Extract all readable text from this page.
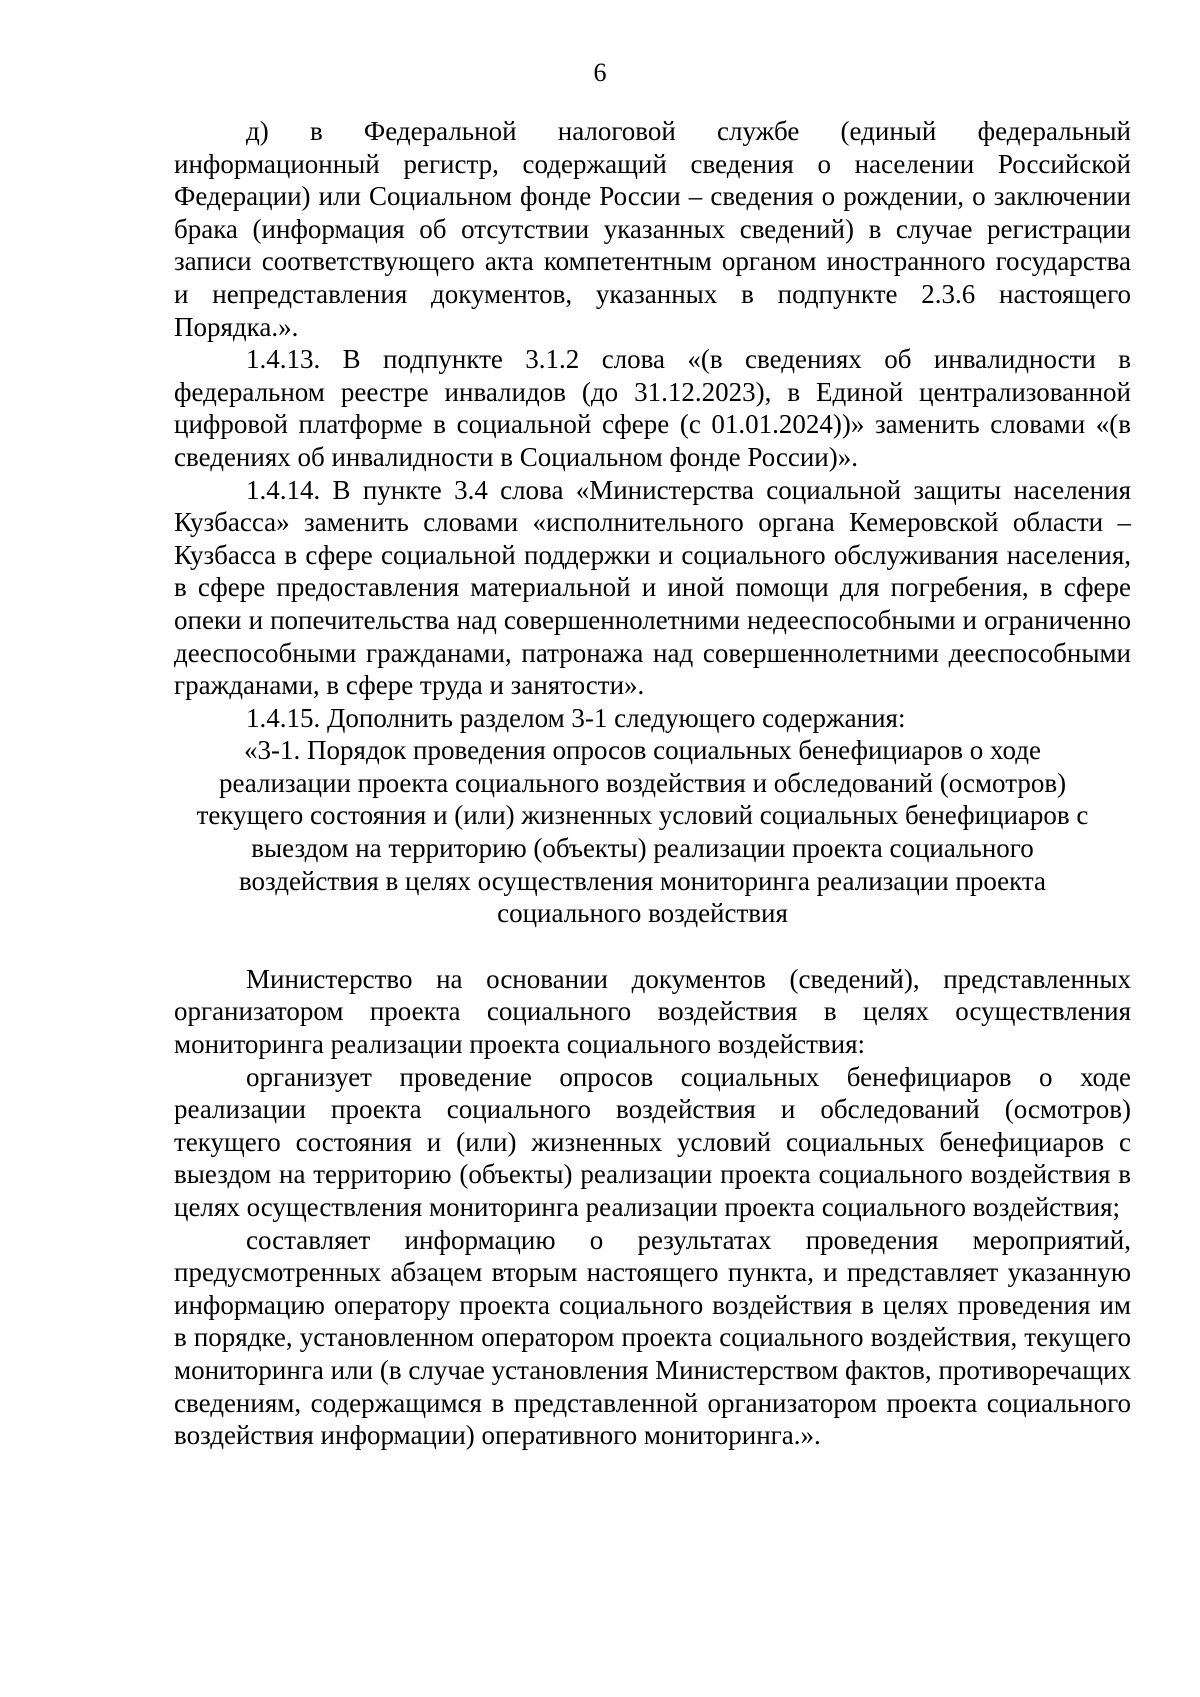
6

д) в Федеральной налоговой службе (единый федеральный информационный регистр, содержащий сведения о населении Российской Федерации) или Социальном фонде России – сведения о рождении, о заключении брака (информация об отсутствии указанных сведений) в случае регистрации записи соответствующего акта компетентным органом иностранного государства и непредставления документов, указанных в подпункте 2.3.6 настоящего Порядка.».

1.4.13. В подпункте 3.1.2 слова «(в сведениях об инвалидности в федеральном реестре инвалидов (до 31.12.2023), в Единой централизованной цифровой платформе в социальной сфере (с 01.01.2024))» заменить словами «(в сведениях об инвалидности в Социальном фонде России)».

1.4.14. В пункте 3.4 слова «Министерства социальной защиты населения Кузбасса» заменить словами «исполнительного органа Кемеровской области – Кузбасса в сфере социальной поддержки и социального обслуживания населения, в сфере предоставления материальной и иной помощи для погребения, в сфере опеки и попечительства над совершеннолетними недееспособными и ограниченно дееспособными гражданами, патронажа над совершеннолетними дееспособными гражданами, в сфере труда и занятости».

1.4.15. Дополнить разделом 3-1 следующего содержания:

«3-1. Порядок проведения опросов социальных бенефициаров о ходе реализации проекта социального воздействия и обследований (осмотров) текущего состояния и (или) жизненных условий социальных бенефициаров с выездом на территорию (объекты) реализации проекта социального воздействия в целях осуществления мониторинга реализации проекта социального воздействия

Министерство на основании документов (сведений), представленных организатором проекта социального воздействия в целях осуществления мониторинга реализации проекта социального воздействия:

организует проведение опросов социальных бенефициаров о ходе реализации проекта социального воздействия и обследований (осмотров) текущего состояния и (или) жизненных условий социальных бенефициаров с выездом на территорию (объекты) реализации проекта социального воздействия в целях осуществления мониторинга реализации проекта социального воздействия;

составляет информацию о результатах проведения мероприятий, предусмотренных абзацем вторым настоящего пункта, и представляет указанную информацию оператору проекта социального воздействия в целях проведения им в порядке, установленном оператором проекта социального воздействия, текущего мониторинга или (в случае установления Министерством фактов, противоречащих сведениям, содержащимся в представленной организатором проекта социального воздействия информации) оперативного мониторинга.».
